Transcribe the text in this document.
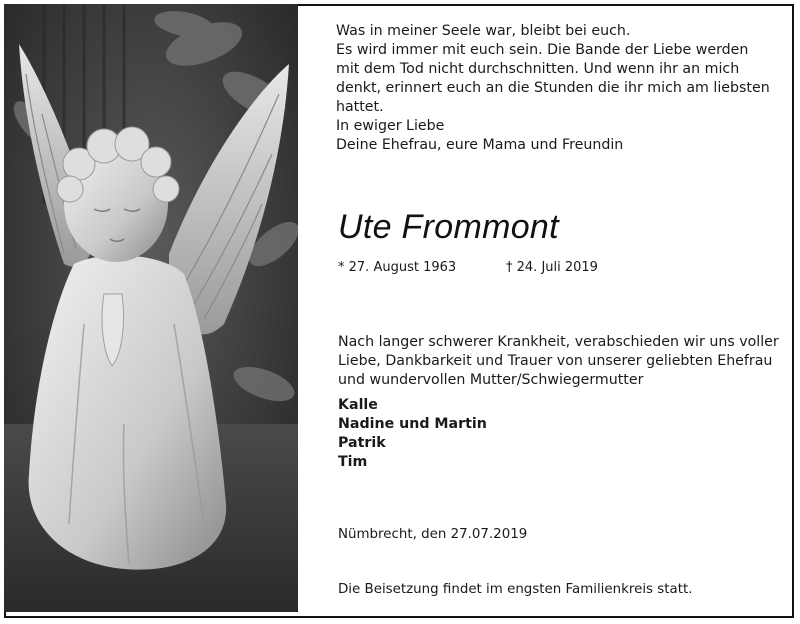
Was in meiner Seele war, bleibt bei euch.
Es wird immer mit euch sein. Die Bande der Liebe werden
mit dem Tod nicht durchschnitten. Und wenn ihr an mich
denkt, erinnert euch an die Stunden die ihr mich am liebsten
hattet.
In ewiger Liebe
Deine Ehefrau, eure Mama und Freundin
Ute Frommont
* 27. August 1963	† 24. Juli 2019
Nach langer schwerer Krankheit, verabschieden wir uns voller
Liebe, Dankbarkeit und Trauer von unserer geliebten Ehefrau
und wundervollen Mutter/Schwiegermutter
Kalle
Nadine und Martin
Patrik
Tim
Nümbrecht, den 27.07.2019
Die Beisetzung findet im engsten Familienkreis statt.
